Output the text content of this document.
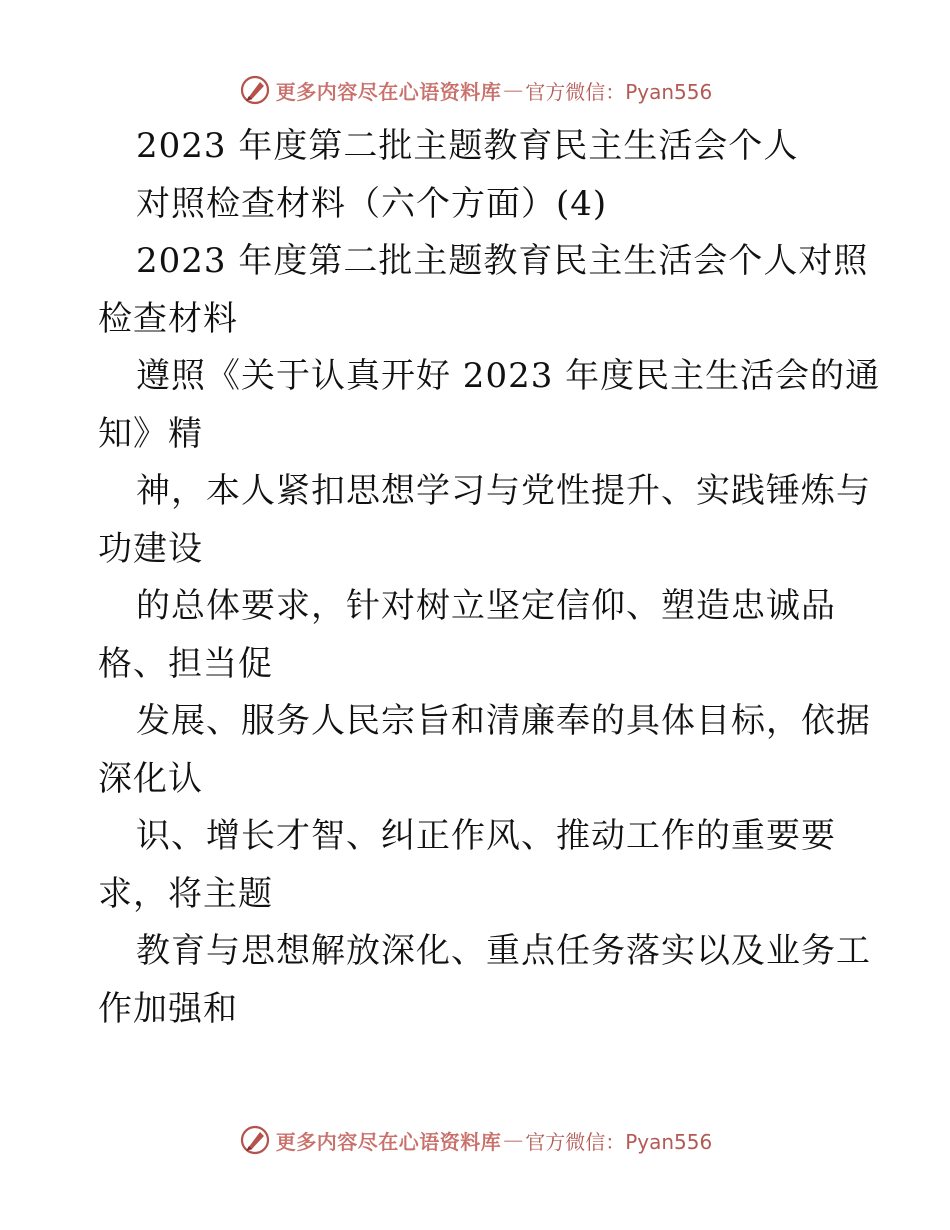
更多内容尽在心语资料库 — 官方微信：Pyan556
2023 年度第二批主题教育民主生活会个人
对照检查材料（六个方面）(4)
2023 年度第二批主题教育民主生活会个人对照
检查材料
遵照《关于认真开好 2023 年度民主生活会的通
知》精
神，本人紧扣思想学习与党性提升、实践锤炼与
功建设
的总体要求，针对树立坚定信仰、塑造忠诚品
格、担当促
发展、服务人民宗旨和清廉奉的具体目标，依据
深化认
识、增长才智、纠正作风、推动工作的重要要
求，将主题
教育与思想解放深化、重点任务落实以及业务工
作加强和
更多内容尽在心语资料库 — 官方微信：Pyan556
